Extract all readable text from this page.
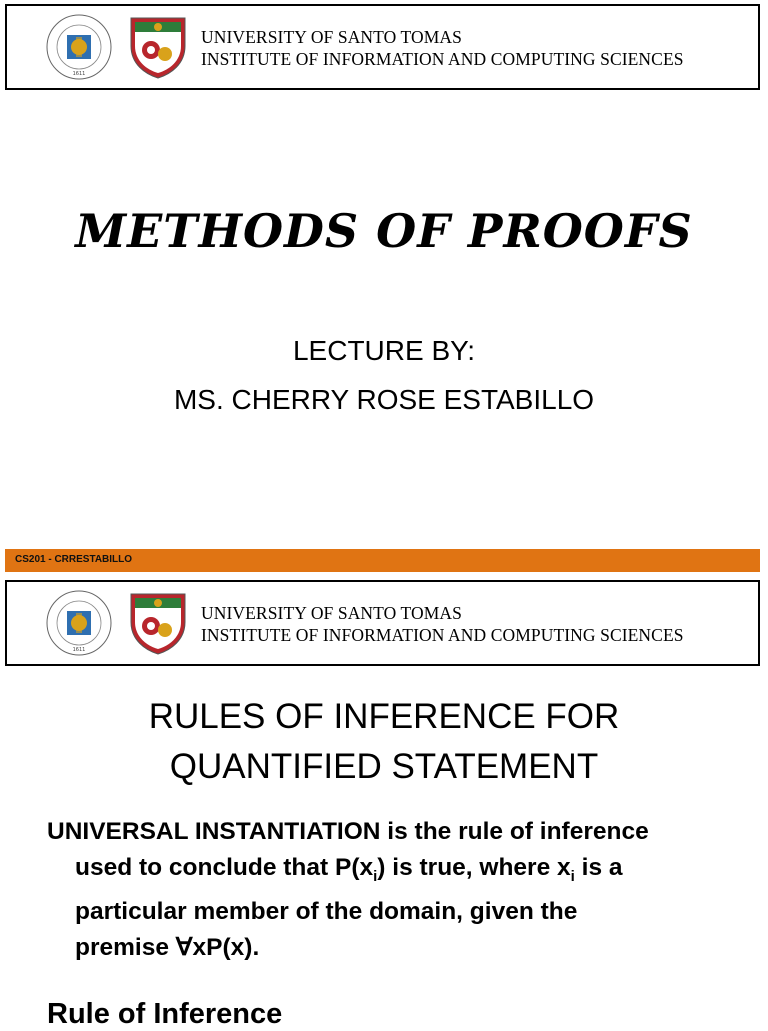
1611
UNIVERSITY OF SANTO TOMAS
INSTITUTE OF INFORMATION AND COMPUTING SCIENCES
METHODS OF PROOFS
LECTURE BY:
MS. CHERRY ROSE ESTABILLO
CS201 - CRRESTABILLO
1611
UNIVERSITY OF SANTO TOMAS
INSTITUTE OF INFORMATION AND COMPUTING SCIENCES
RULES OF INFERENCE FOR
QUANTIFIED STATEMENT
UNIVERSAL INSTANTIATION is the rule of inference
used to conclude that $P(x_i)$ is true, where $x_i$ is a
particular member of the domain, given the
premise ∀xP(x).
Rule of Inference
